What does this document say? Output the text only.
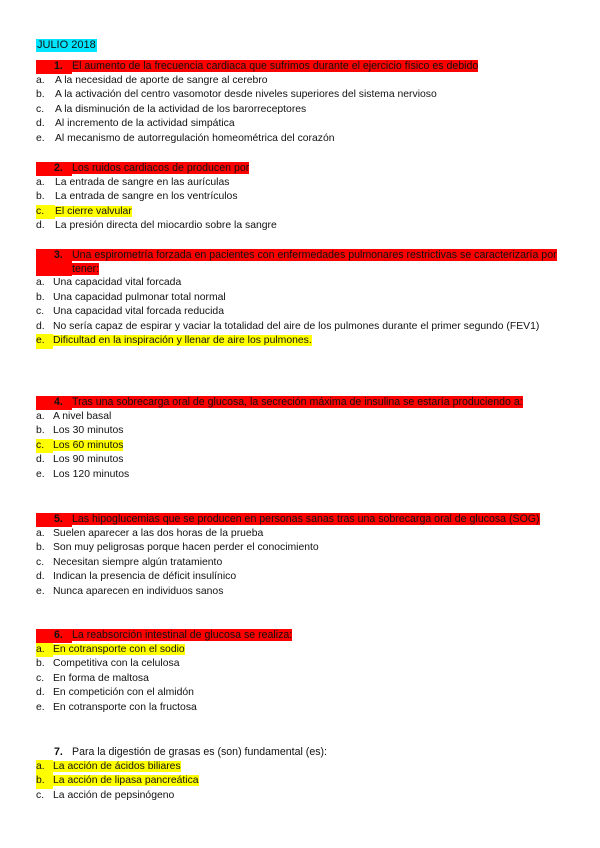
JULIO 2018
1. El aumento de la frecuencia cardiaca que sufrimos durante el ejercicio físico es debido
a. A la necesidad de aporte de sangre al cerebro
b. A la activación del centro vasomotor desde niveles superiores del sistema nervioso
c.	A la disminución de la actividad de los barorreceptores
d. Al incremento de la actividad simpática
e. Al mecanismo de autorregulación homeométrica del corazón
2. Los ruidos cardiacos de producen por
a. La entrada de sangre en las aurículas
b. La entrada de sangre en los ventrículos
c.	El cierre valvular
d. La presión directa del miocardio sobre la sangre
3. Una espirometría forzada en pacientes con enfermedades pulmonares restrictivas se caracterizaría por tener:
a. Una capacidad vital forcada
b. Una capacidad pulmonar total normal
c. Una capacidad vital forcada reducida
d. No sería capaz de espirar y vaciar la totalidad del aire de los pulmones durante el primer segundo (FEV1)
e. Dificultad en la inspiración y llenar de aire los pulmones.
4. Tras una sobrecarga oral de glucosa, la secreción máxima de insulina se estaría produciendo a:
a. A nivel basal
b. Los 30 minutos
c. Los 60 minutos
d. Los 90 minutos
e. Los 120 minutos
5. Las hipoglucemias que se producen en personas sanas tras una sobrecarga oral de glucosa (SOG)
a. Suelen aparecer a las dos horas de la prueba
b. Son muy peligrosas porque hacen perder el conocimiento
c. Necesitan siempre algún tratamiento
d. Indican la presencia de déficit insulínico
e. Nunca aparecen en individuos sanos
6. La reabsorción intestinal de glucosa se realiza:
a. En cotransporte con el sodio
b. Competitiva con la celulosa
c. En forma de maltosa
d. En competición con el almidón
e. En cotransporte con la fructosa
7. Para la digestión de grasas es (son) fundamental (es):
a. La acción de ácidos biliares
b. La acción de lipasa pancreática
c. La acción de pepsinógeno
